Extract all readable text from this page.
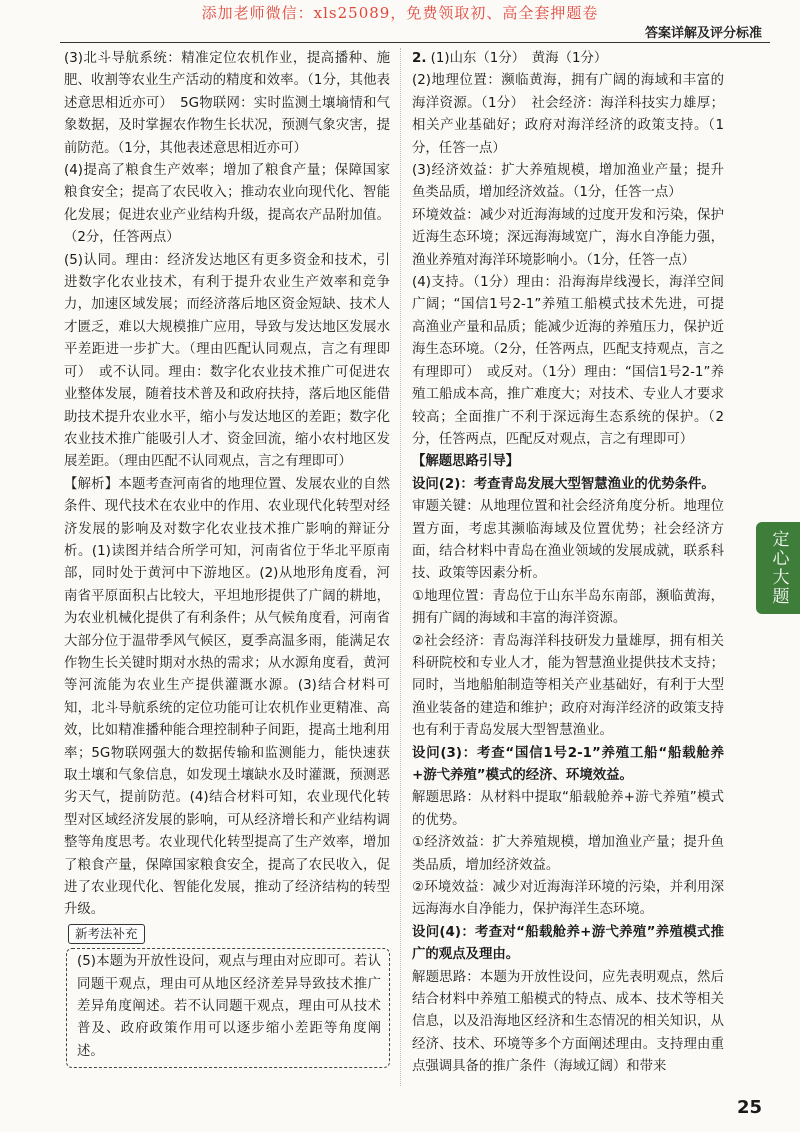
添加老师微信：xls25089，免费领取初、高全套押题卷
答案详解及评分标准

(3)北斗导航系统：精准定位农机作业，提高播种、施肥、收割等农业生产活动的精度和效率。（1分，其他表述意思相近亦可）　5G物联网：实时监测土壤墒情和气象数据，及时掌握农作物生长状况，预测气象灾害，提前防范。（1分，其他表述意思相近亦可）

(4)提高了粮食生产效率；增加了粮食产量；保障国家粮食安全；提高了农民收入；推动农业向现代化、智能化发展；促进农业产业结构升级，提高农产品附加值。（2分，任答两点）

(5)认同。理由：经济发达地区有更多资金和技术，引进数字化农业技术，有利于提升农业生产效率和竞争力，加速区域发展；而经济落后地区资金短缺、技术人才匮乏，难以大规模推广应用，导致与发达地区发展水平差距进一步扩大。（理由匹配认同观点，言之有理即可）　或不认同。理由：数字化农业技术推广可促进农业整体发展，随着技术普及和政府扶持，落后地区能借助技术提升农业水平，缩小与发达地区的差距；数字化农业技术推广能吸引人才、资金回流，缩小农村地区发展差距。（理由匹配不认同观点，言之有理即可）

【解析】本题考查河南省的地理位置、发展农业的自然条件、现代技术在农业中的作用、农业现代化转型对经济发展的影响及对数字化农业技术推广影响的辩证分析。(1)读图并结合所学可知，河南省位于华北平原南部，同时处于黄河中下游地区。(2)从地形角度看，河南省平原面积占比较大，平坦地形提供了广阔的耕地，为农业机械化提供了有利条件；从气候角度看，河南省大部分位于温带季风气候区，夏季高温多雨，能满足农作物生长关键时期对水热的需求；从水源角度看，黄河等河流能为农业生产提供灌溉水源。(3)结合材料可知，北斗导航系统的定位功能可让农机作业更精准、高效，比如精准播种能合理控制种子间距，提高土地利用率；5G物联网强大的数据传输和监测能力，能快速获取土壤和气象信息，如发现土壤缺水及时灌溉，预测恶劣天气，提前防范。(4)结合材料可知，农业现代化转型对区域经济发展的影响，可从经济增长和产业结构调整等角度思考。农业现代化转型提高了生产效率，增加了粮食产量，保障国家粮食安全，提高了农民收入，促进了农业现代化、智能化发展，推动了经济结构的转型升级。

新考法补充

(5)本题为开放性设问，观点与理由对应即可。若认同题干观点，理由可从地区经济差异导致技术推广差异角度阐述。若不认同题干观点，理由可从技术普及、政府政策作用可以逐步缩小差距等角度阐述。

2. (1)山东（1分）　黄海（1分）

(2)地理位置：濒临黄海，拥有广阔的海域和丰富的海洋资源。（1分）　社会经济：海洋科技实力雄厚；相关产业基础好；政府对海洋经济的政策支持。（1分，任答一点）

(3)经济效益：扩大养殖规模，增加渔业产量；提升鱼类品质，增加经济效益。（1分，任答一点）

环境效益：减少对近海海域的过度开发和污染，保护近海生态环境；深远海海域宽广，海水自净能力强，渔业养殖对海洋环境影响小。（1分，任答一点）

(4)支持。（1分）理由：沿海海岸线漫长，海洋空间广阔；“国信1号2-1”养殖工船模式技术先进，可提高渔业产量和品质；能减少近海的养殖压力，保护近海生态环境。（2分，任答两点，匹配支持观点，言之有理即可）　或反对。（1分）理由：“国信1号2-1”养殖工船成本高，推广难度大；对技术、专业人才要求较高；全面推广不利于深远海生态系统的保护。（2分，任答两点，匹配反对观点，言之有理即可）

【解题思路引导】

设问(2)：考查青岛发展大型智慧渔业的优势条件。

审题关键：从地理位置和社会经济角度分析。地理位置方面，考虑其濒临海域及位置优势；社会经济方面，结合材料中青岛在渔业领域的发展成就，联系科技、政策等因素分析。

①地理位置：青岛位于山东半岛东南部，濒临黄海，拥有广阔的海域和丰富的海洋资源。

②社会经济：青岛海洋科技研发力量雄厚，拥有相关科研院校和专业人才，能为智慧渔业提供技术支持；同时，当地船舶制造等相关产业基础好，有利于大型渔业装备的建造和维护；政府对海洋经济的政策支持也有利于青岛发展大型智慧渔业。

设问(3)：考查“国信1号2-1”养殖工船“船载舱养+游弋养殖”模式的经济、环境效益。

解题思路：从材料中提取“船载舱养+游弋养殖”模式的优势。

①经济效益：扩大养殖规模，增加渔业产量；提升鱼类品质，增加经济效益。

②环境效益：减少对近海海洋环境的污染，并利用深远海海水自净能力，保护海洋生态环境。

设问(4)：考查对“船载舱养+游弋养殖”养殖模式推广的观点及理由。

解题思路：本题为开放性设问，应先表明观点，然后结合材料中养殖工船模式的特点、成本、技术等相关信息，以及沿海地区经济和生态情况的相关知识，从经济、技术、环境等多个方面阐述理由。支持理由重点强调具备的推广条件（海域辽阔）和带来

定心大题
25
